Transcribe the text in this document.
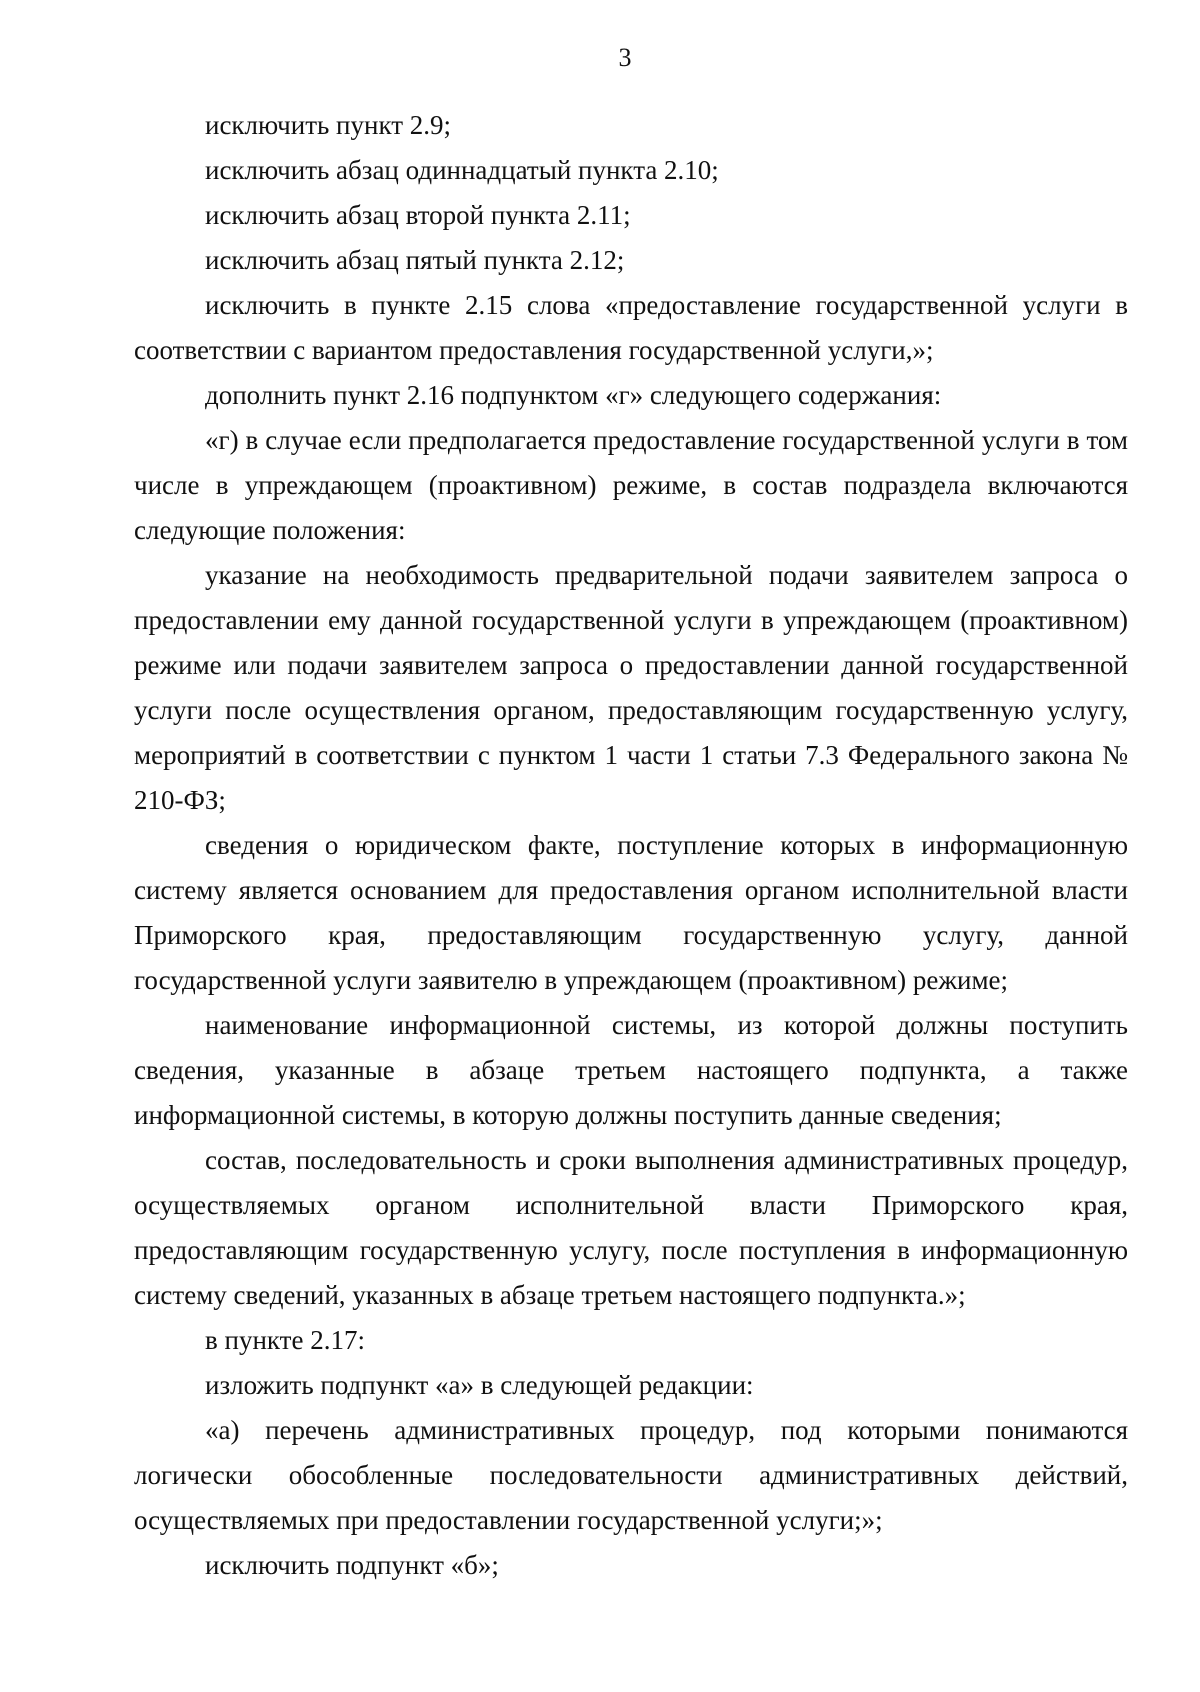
3

исключить пункт 2.9;

исключить абзац одиннадцатый пункта 2.10;

исключить абзац второй пункта 2.11;

исключить абзац пятый пункта 2.12;

исключить в пункте 2.15 слова «предоставление государственной услуги в соответствии с вариантом предоставления государственной услуги,»;

дополнить пункт 2.16 подпунктом «г» следующего содержания:

«г) в случае если предполагается предоставление государственной услуги в том числе в упреждающем (проактивном) режиме, в состав подраздела включаются следующие положения:

указание на необходимость предварительной подачи заявителем запроса о предоставлении ему данной государственной услуги в упреждающем (проактивном) режиме или подачи заявителем запроса о предоставлении данной государственной услуги после осуществления органом, предоставляющим государственную услугу, мероприятий в соответствии с пунктом 1 части 1 статьи 7.3 Федерального закона № 210-ФЗ;

сведения о юридическом факте, поступление которых в информационную систему является основанием для предоставления органом исполнительной власти Приморского края, предоставляющим государственную услугу, данной государственной услуги заявителю в упреждающем (проактивном) режиме;

наименование информационной системы, из которой должны поступить сведения, указанные в абзаце третьем настоящего подпункта, а также информационной системы, в которую должны поступить данные сведения;

состав, последовательность и сроки выполнения административных процедур, осуществляемых органом исполнительной власти Приморского края, предоставляющим государственную услугу, после поступления в информационную систему сведений, указанных в абзаце третьем настоящего подпункта.»;

в пункте 2.17:

изложить подпункт «а» в следующей редакции:

«а) перечень административных процедур, под которыми понимаются логически обособленные последовательности административных действий, осуществляемых при предоставлении государственной услуги;»;

исключить подпункт «б»;
